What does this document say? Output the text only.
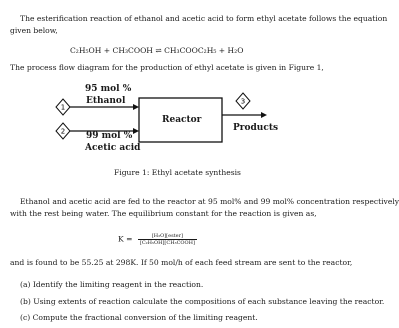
The esterification reaction of ethanol and acetic acid to form ethyl acetate follows the equation
given below,
C₂H₅OH + CH₃COOH ⇌ CH₃COOC₂H₅ + H₂O
The process flow diagram for the production of ethyl acetate is given in Figure 1,
1
2
3
95 mol %
Ethanol
99 mol %
Acetic acid
Reactor
Products
Figure 1: Ethyl acetate synthesis
Ethanol and acetic acid are fed to the reactor at 95 mol% and 99 mol% concentration respectively
with the rest being water. The equilibrium constant for the reaction is given as,
$K = \frac{\text{[H₂O][ester]}}{\text{[C₂H₅OH][CH₃COOH]}}$
and is found to be 55.25 at 298K. If 50 mol/h of each feed stream are sent to the reactor,
(a) Identify the limiting reagent in the reaction.
(b) Using extents of reaction calculate the compositions of each substance leaving the reactor.
(c) Compute the fractional conversion of the limiting reagent.
